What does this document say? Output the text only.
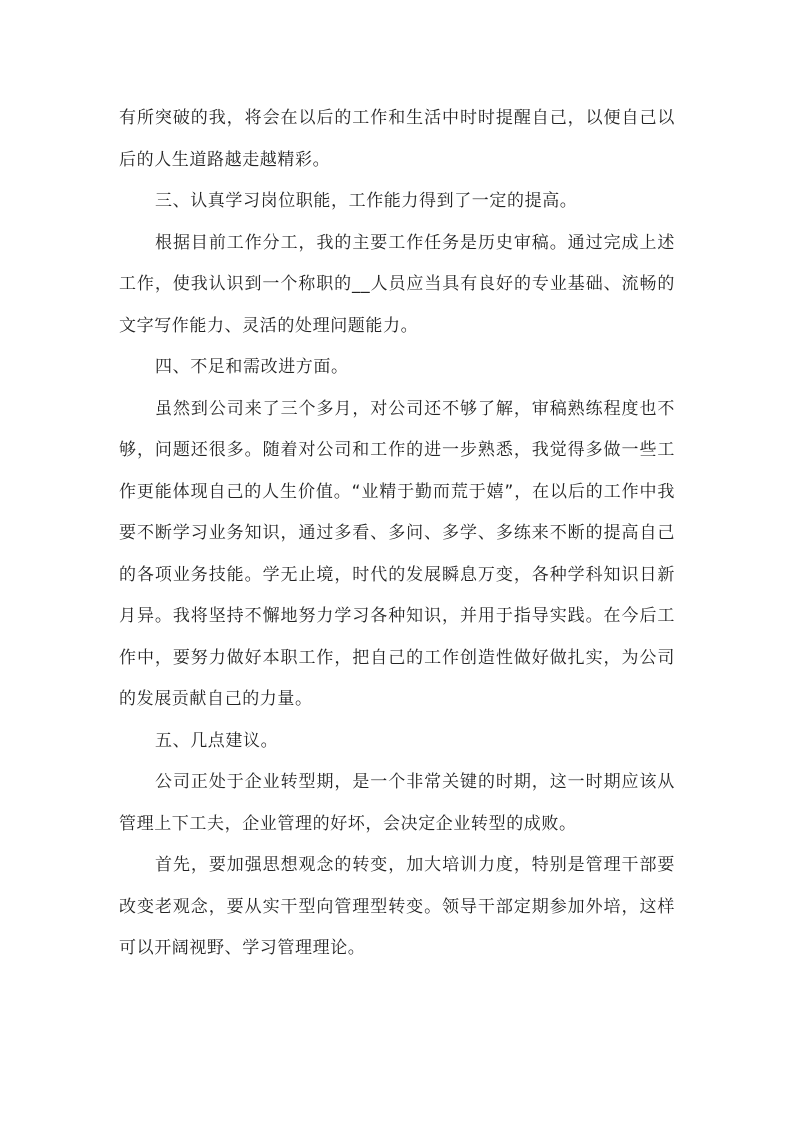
有所突破的我，将会在以后的工作和生活中时时提醒自己，以便自己以后的人生道路越走越精彩。

三、认真学习岗位职能，工作能力得到了一定的提高。

根据目前工作分工，我的主要工作任务是历史审稿。通过完成上述工作，使我认识到一个称职的__人员应当具有良好的专业基础、流畅的文字写作能力、灵活的处理问题能力。

四、不足和需改进方面。

虽然到公司来了三个多月，对公司还不够了解，审稿熟练程度也不够，问题还很多。随着对公司和工作的进一步熟悉，我觉得多做一些工作更能体现自己的人生价值。“业精于勤而荒于嬉”，在以后的工作中我要不断学习业务知识，通过多看、多问、多学、多练来不断的提高自己的各项业务技能。学无止境，时代的发展瞬息万变，各种学科知识日新月异。我将坚持不懈地努力学习各种知识，并用于指导实践。在今后工作中，要努力做好本职工作，把自己的工作创造性做好做扎实，为公司的发展贡献自己的力量。

五、几点建议。

公司正处于企业转型期，是一个非常关键的时期，这一时期应该从管理上下工夫，企业管理的好坏，会决定企业转型的成败。

首先，要加强思想观念的转变，加大培训力度，特别是管理干部要改变老观念，要从实干型向管理型转变。领导干部定期参加外培，这样可以开阔视野、学习管理理论。
